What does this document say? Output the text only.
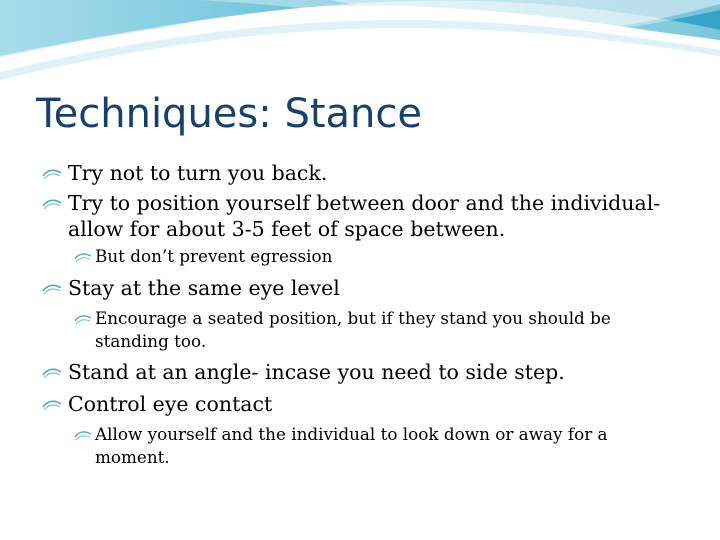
Techniques: Stance
Try not to turn you back.
Try to position yourself between door and the individual-
allow for about 3-5 feet of space between.
But don’t prevent egression
Stay at the same eye level
Encourage a seated position, but if they stand you should be
standing too.
Stand at an angle- incase you need to side step.
Control eye contact
Allow yourself and the individual to look down or away for a
moment.
